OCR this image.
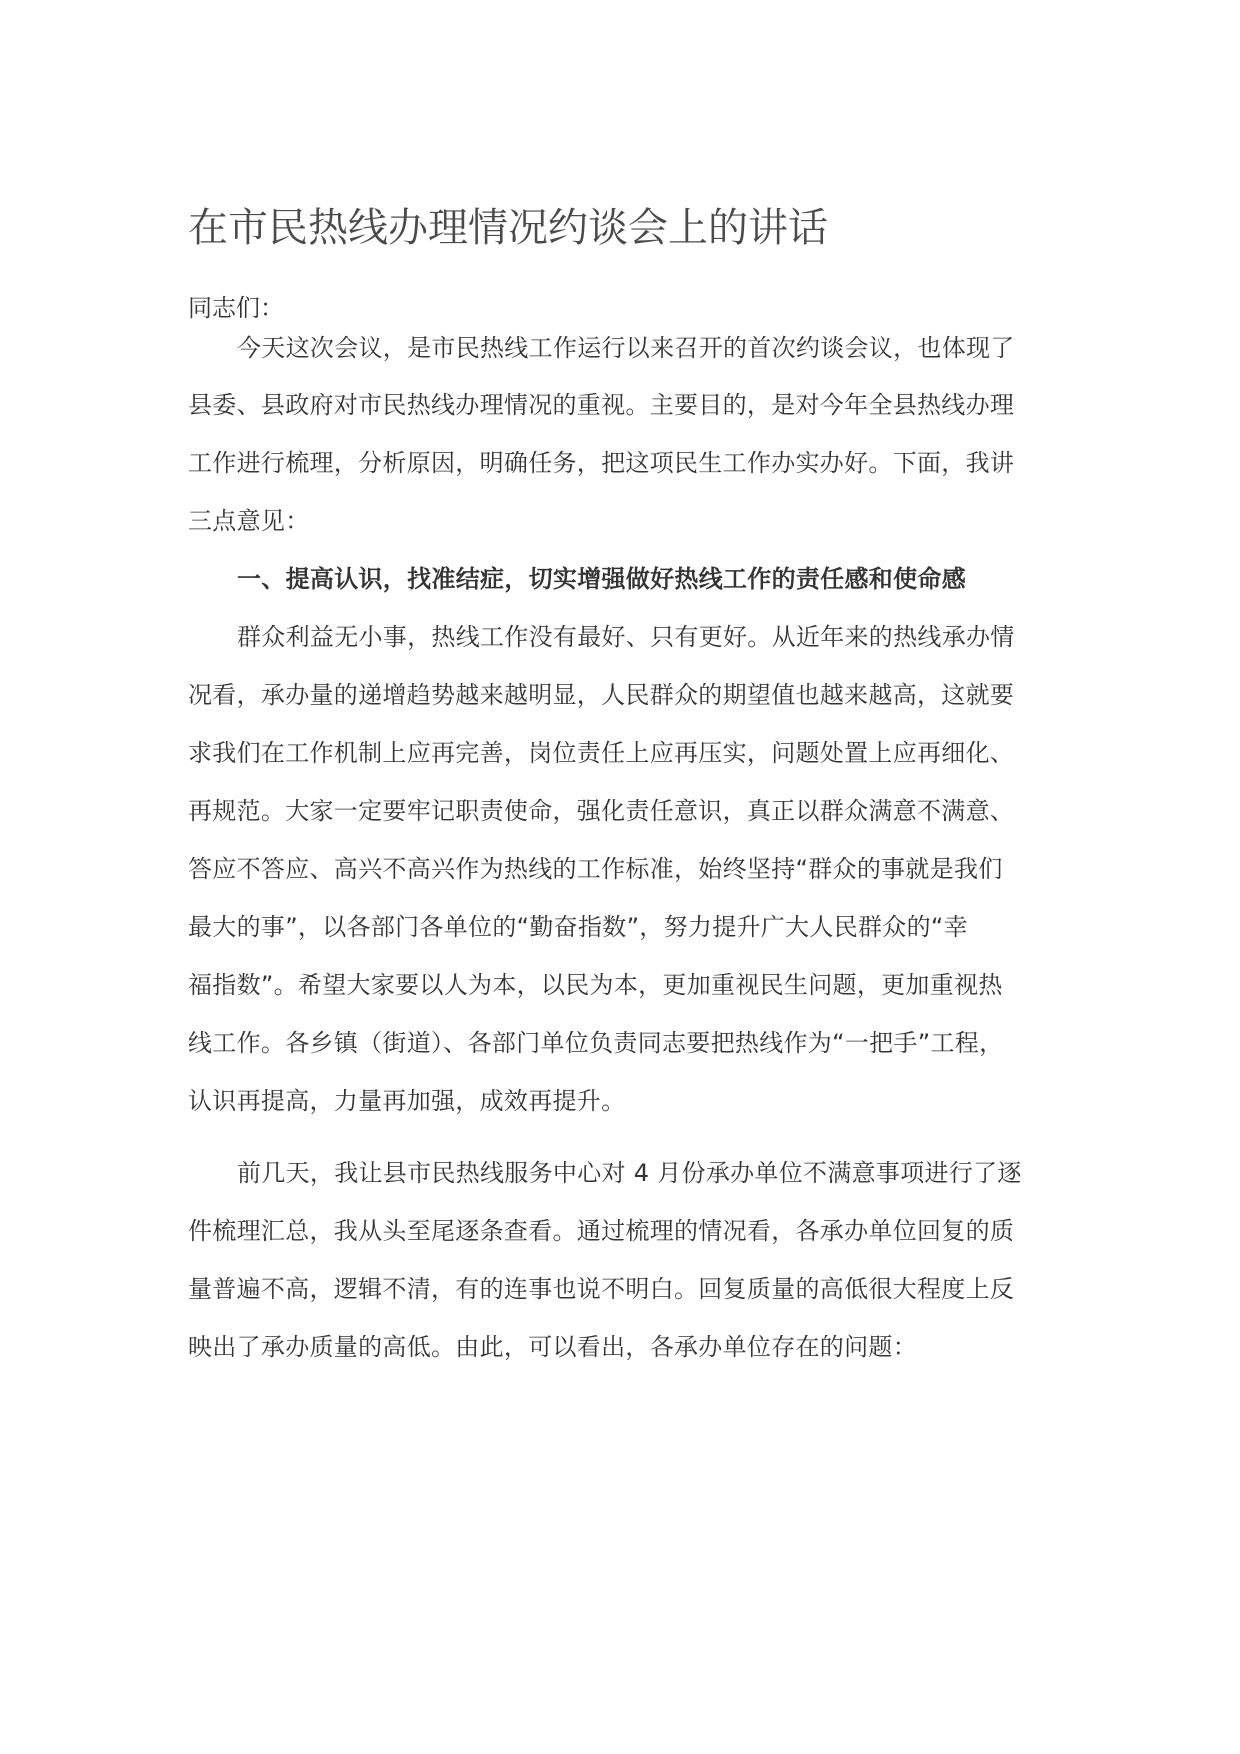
在市民热线办理情况约谈会上的讲话
同志们：
今天这次会议，是市民热线工作运行以来召开的首次约谈会议，也体现了
县委、县政府对市民热线办理情况的重视。主要目的，是对今年全县热线办理
工作进行梳理，分析原因，明确任务，把这项民生工作办实办好。下面，我讲
三点意见：
一、提高认识，找准结症，切实增强做好热线工作的责任感和使命感
群众利益无小事，热线工作没有最好、只有更好。从近年来的热线承办情
况看，承办量的递增趋势越来越明显，人民群众的期望值也越来越高，这就要
求我们在工作机制上应再完善，岗位责任上应再压实，问题处置上应再细化、
再规范。大家一定要牢记职责使命，强化责任意识，真正以群众满意不满意、
答应不答应、高兴不高兴作为热线的工作标准，始终坚持“群众的事就是我们
最大的事”，以各部门各单位的“勤奋指数”，努力提升广大人民群众的“幸
福指数”。希望大家要以人为本，以民为本，更加重视民生问题，更加重视热
线工作。各乡镇（街道）、各部门单位负责同志要把热线作为“一把手”工程，
认识再提高，力量再加强，成效再提升。
前几天，我让县市民热线服务中心对 4 月份承办单位不满意事项进行了逐
件梳理汇总，我从头至尾逐条查看。通过梳理的情况看，各承办单位回复的质
量普遍不高，逻辑不清，有的连事也说不明白。回复质量的高低很大程度上反
映出了承办质量的高低。由此，可以看出，各承办单位存在的问题：
